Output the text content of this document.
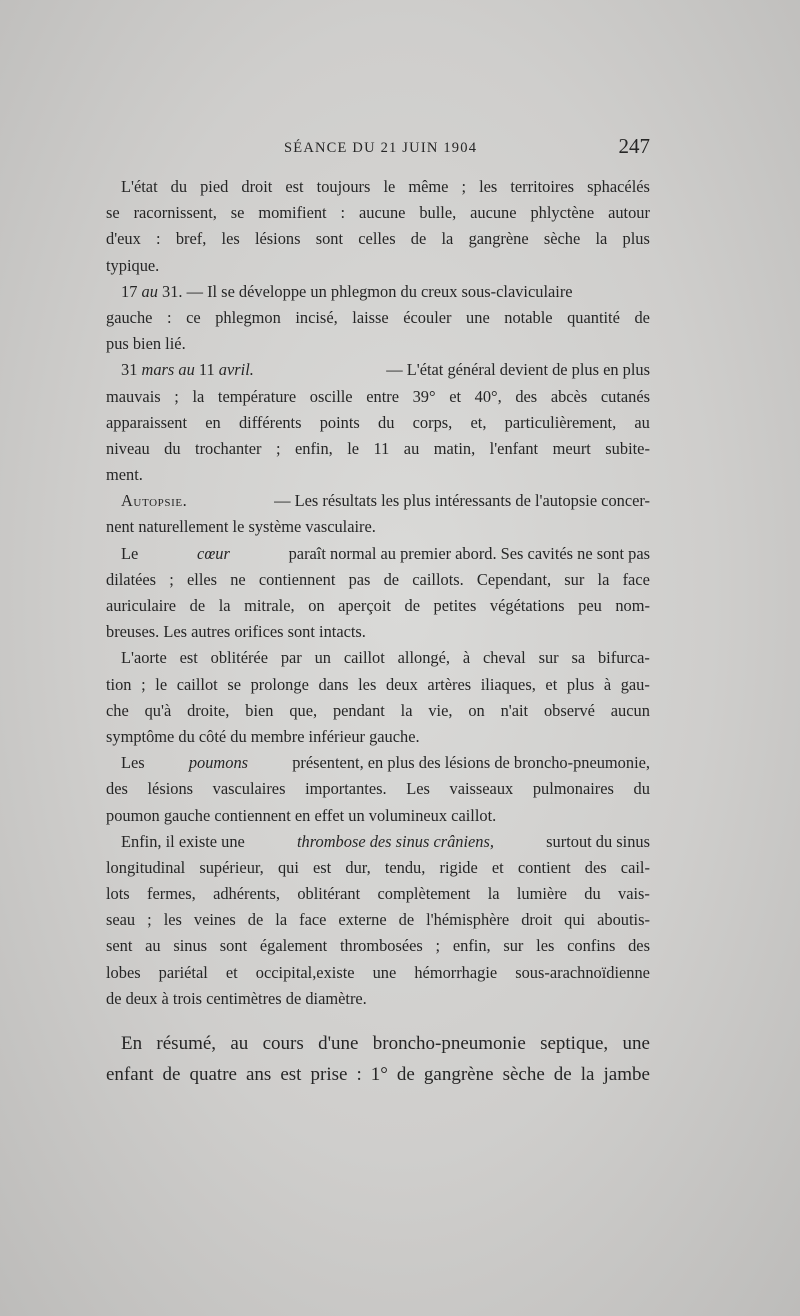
SÉANCE DU 21 JUIN 1904	247
L'état du pied droit est toujours le même ; les territoires sphacélés
se racornissent, se momifient : aucune bulle, aucune phlyctène autour
d'eux : bref, les lésions sont celles de la gangrène sèche la plus
typique.
17 au 31. — Il se développe un phlegmon du creux sous-claviculaire
gauche : ce phlegmon incisé, laisse écouler une notable quantité de
pus bien lié.
31 mars au 11 avril.	— L'état général devient de plus en plus
mauvais ; la température oscille entre 39° et 40°, des abcès cutanés
apparaissent en différents points du corps, et, particulièrement, au
niveau du trochanter ; enfin, le 11 au matin, l'enfant meurt subite-
ment.
Autopsie.	— Les résultats les plus intéressants de l'autopsie concer-
nent naturellement le système vasculaire.
Le	cœur	paraît normal au premier abord. Ses cavités ne sont pas
dilatées ; elles ne contiennent pas de caillots. Cependant, sur la face
auriculaire de la mitrale, on aperçoit de petites végétations peu nom-
breuses. Les autres orifices sont intacts.
L'aorte est oblitérée par un caillot allongé, à cheval sur sa bifurca-
tion ; le caillot se prolonge dans les deux artères iliaques, et plus à gau-
che qu'à droite, bien que, pendant la vie, on n'ait observé aucun
symptôme du côté du membre inférieur gauche.
Les	poumons	présentent, en plus des lésions de broncho-pneumonie,
des lésions vasculaires importantes. Les vaisseaux pulmonaires du
poumon gauche contiennent en effet un volumineux caillot.
Enfin, il existe une	thrombose des sinus crâniens,	surtout du sinus
longitudinal supérieur, qui est dur, tendu, rigide et contient des cail-
lots fermes, adhérents, oblitérant complètement la lumière du vais-
seau ; les veines de la face externe de l'hémisphère droit qui aboutis-
sent au sinus sont également thrombosées ; enfin, sur les confins des
lobes pariétal et occipital,existe une hémorrhagie sous-arachnoïdienne
de deux à trois centimètres de diamètre.
En résumé, au cours d'une broncho-pneumonie septique, une
enfant de quatre ans est prise : 1° de gangrène sèche de la jambe
